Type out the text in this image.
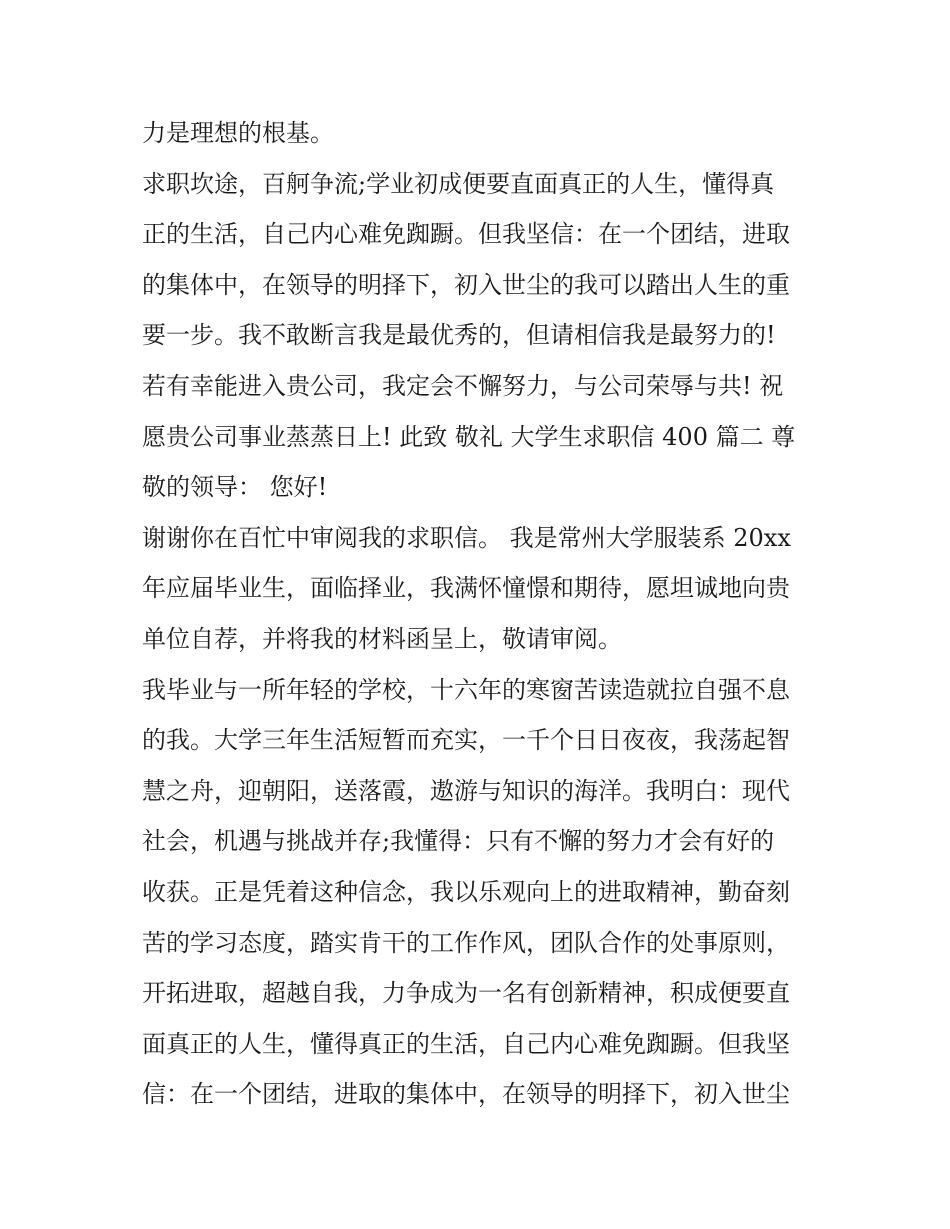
力是理想的根基。
求职坎途，百舸争流;学业初成便要直面真正的人生，懂得真
正的生活，自己内心难免踟蹰。但我坚信：在一个团结，进取
的集体中，在领导的明择下，初入世尘的我可以踏出人生的重
要一步。我不敢断言我是最优秀的，但请相信我是最努力的!
若有幸能进入贵公司，我定会不懈努力，与公司荣辱与共! 祝
愿贵公司事业蒸蒸日上! 此致 敬礼 大学生求职信 400 篇二 尊
敬的领导： 您好!
谢谢你在百忙中审阅我的求职信。 我是常州大学服装系 20xx
年应届毕业生，面临择业，我满怀憧憬和期待，愿坦诚地向贵
单位自荐，并将我的材料函呈上，敬请审阅。
我毕业与一所年轻的学校，十六年的寒窗苦读造就拉自强不息
的我。大学三年生活短暂而充实，一千个日日夜夜，我荡起智
慧之舟，迎朝阳，送落霞，遨游与知识的海洋。我明白：现代
社会，机遇与挑战并存;我懂得：只有不懈的努力才会有好的
收获。正是凭着这种信念，我以乐观向上的进取精神，勤奋刻
苦的学习态度，踏实肯干的工作作风，团队合作的处事原则，
开拓进取，超越自我，力争成为一名有创新精神，积成便要直
面真正的人生，懂得真正的生活，自己内心难免踟蹰。但我坚
信：在一个团结，进取的集体中，在领导的明择下，初入世尘
